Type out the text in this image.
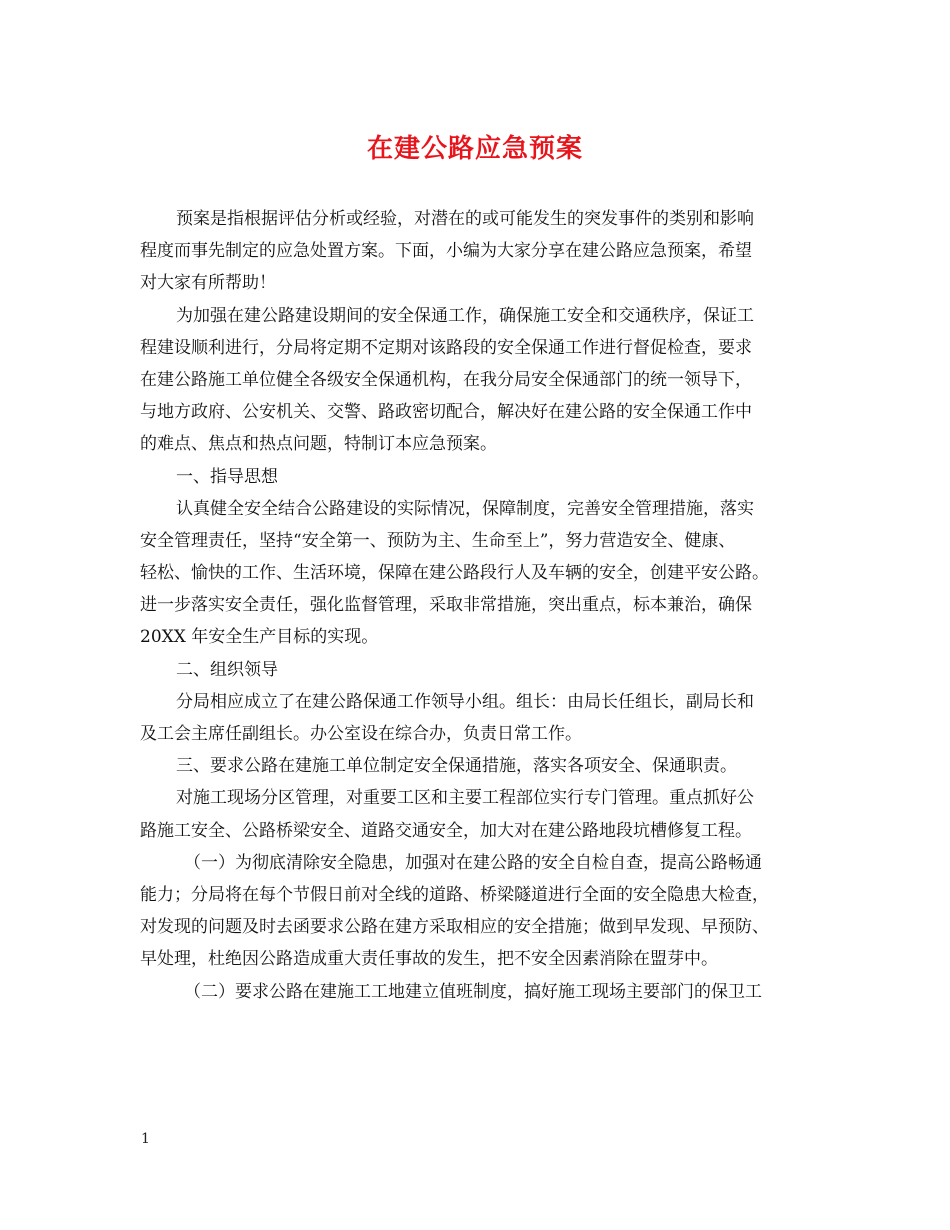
在建公路应急预案
预案是指根据评估分析或经验，对潜在的或可能发生的突发事件的类别和影响
程度而事先制定的应急处置方案。下面，小编为大家分享在建公路应急预案，希望
对大家有所帮助！
为加强在建公路建设期间的安全保通工作，确保施工安全和交通秩序，保证工
程建设顺利进行，分局将定期不定期对该路段的安全保通工作进行督促检查，要求
在建公路施工单位健全各级安全保通机构，在我分局安全保通部门的统一领导下，
与地方政府、公安机关、交警、路政密切配合，解决好在建公路的安全保通工作中
的难点、焦点和热点问题，特制订本应急预案。
一、指导思想
认真健全安全结合公路建设的实际情况，保障制度，完善安全管理措施，落实
安全管理责任，坚持“安全第一、预防为主、生命至上”，努力营造安全、健康、
轻松、愉快的工作、生活环境，保障在建公路段行人及车辆的安全，创建平安公路。
进一步落实安全责任，强化监督管理，采取非常措施，突出重点，标本兼治，确保
20XX 年安全生产目标的实现。
二、组织领导
分局相应成立了在建公路保通工作领导小组。组长：由局长任组长，副局长和
及工会主席任副组长。办公室设在综合办，负责日常工作。
三、要求公路在建施工单位制定安全保通措施，落实各项安全、保通职责。
对施工现场分区管理，对重要工区和主要工程部位实行专门管理。重点抓好公
路施工安全、公路桥梁安全、道路交通安全，加大对在建公路地段坑槽修复工程。
（一）为彻底清除安全隐患，加强对在建公路的安全自检自查，提高公路畅通
能力；分局将在每个节假日前对全线的道路、桥梁隧道进行全面的安全隐患大检查，
对发现的问题及时去函要求公路在建方采取相应的安全措施；做到早发现、早预防、
早处理，杜绝因公路造成重大责任事故的发生，把不安全因素消除在盟芽中。
（二）要求公路在建施工工地建立值班制度，搞好施工现场主要部门的保卫工
1
